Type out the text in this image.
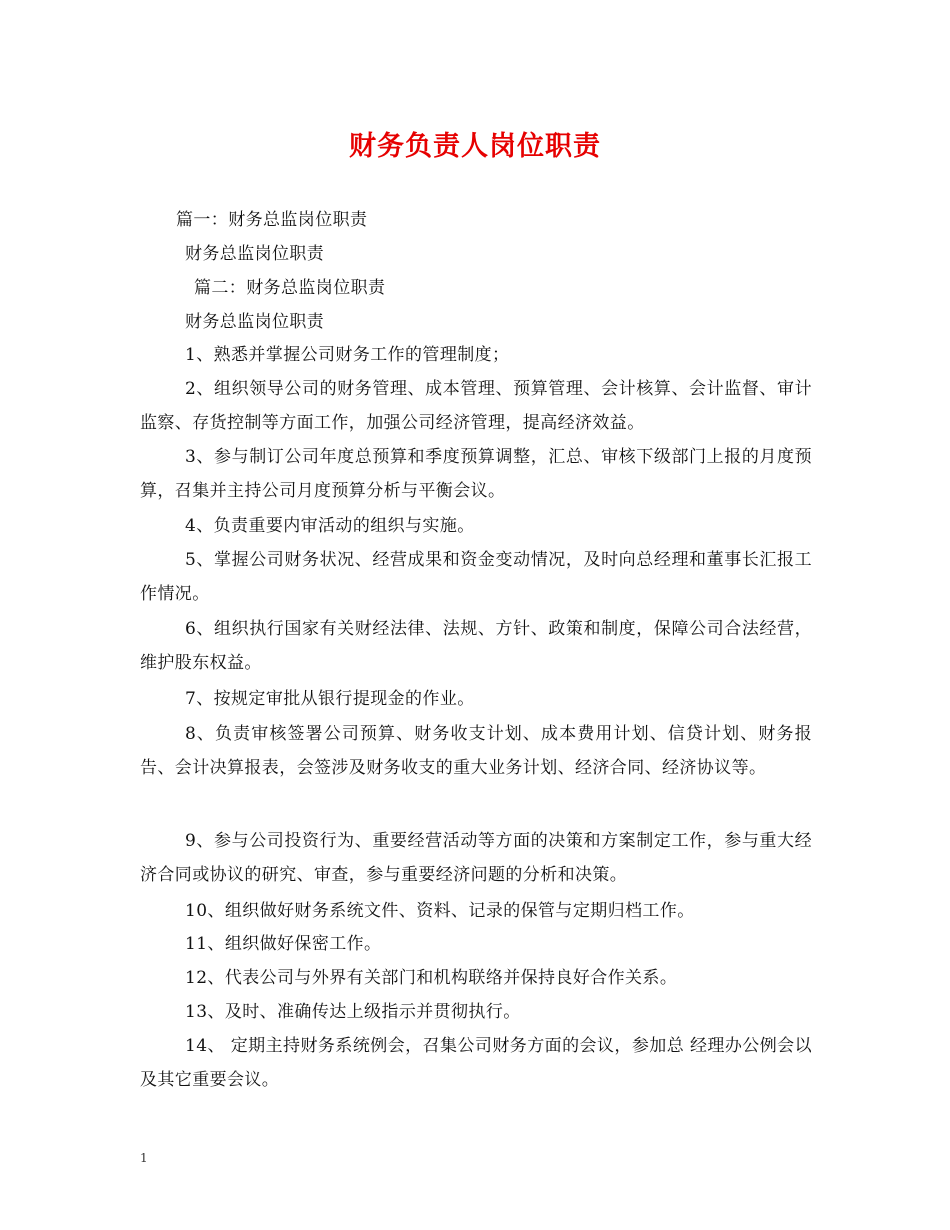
财务负责人岗位职责
篇一：财务总监岗位职责
财务总监岗位职责
篇二：财务总监岗位职责
财务总监岗位职责
1、熟悉并掌握公司财务工作的管理制度；
2、组织领导公司的财务管理、成本管理、预算管理、会计核算、会计监督、审计监察、存货控制等方面工作，加强公司经济管理，提高经济效益。
3、参与制订公司年度总预算和季度预算调整，汇总、审核下级部门上报的月度预算，召集并主持公司月度预算分析与平衡会议。
4、负责重要内审活动的组织与实施。
5、掌握公司财务状况、经营成果和资金变动情况，及时向总经理和董事长汇报工作情况。
6、组织执行国家有关财经法律、法规、方针、政策和制度，保障公司合法经营，维护股东权益。
7、按规定审批从银行提现金的作业。
8、负责审核签署公司预算、财务收支计划、成本费用计划、信贷计划、财务报告、会计决算报表，会签涉及财务收支的重大业务计划、经济合同、经济协议等。
9、参与公司投资行为、重要经营活动等方面的决策和方案制定工作，参与重大经济合同或协议的研究、审查，参与重要经济问题的分析和决策。
10、组织做好财务系统文件、资料、记录的保管与定期归档工作。
11、组织做好保密工作。
12、代表公司与外界有关部门和机构联络并保持良好合作关系。
13、及时、准确传达上级指示并贯彻执行。
14、 定期主持财务系统例会，召集公司财务方面的会议，参加总 经理办公例会以及其它重要会议。
1
